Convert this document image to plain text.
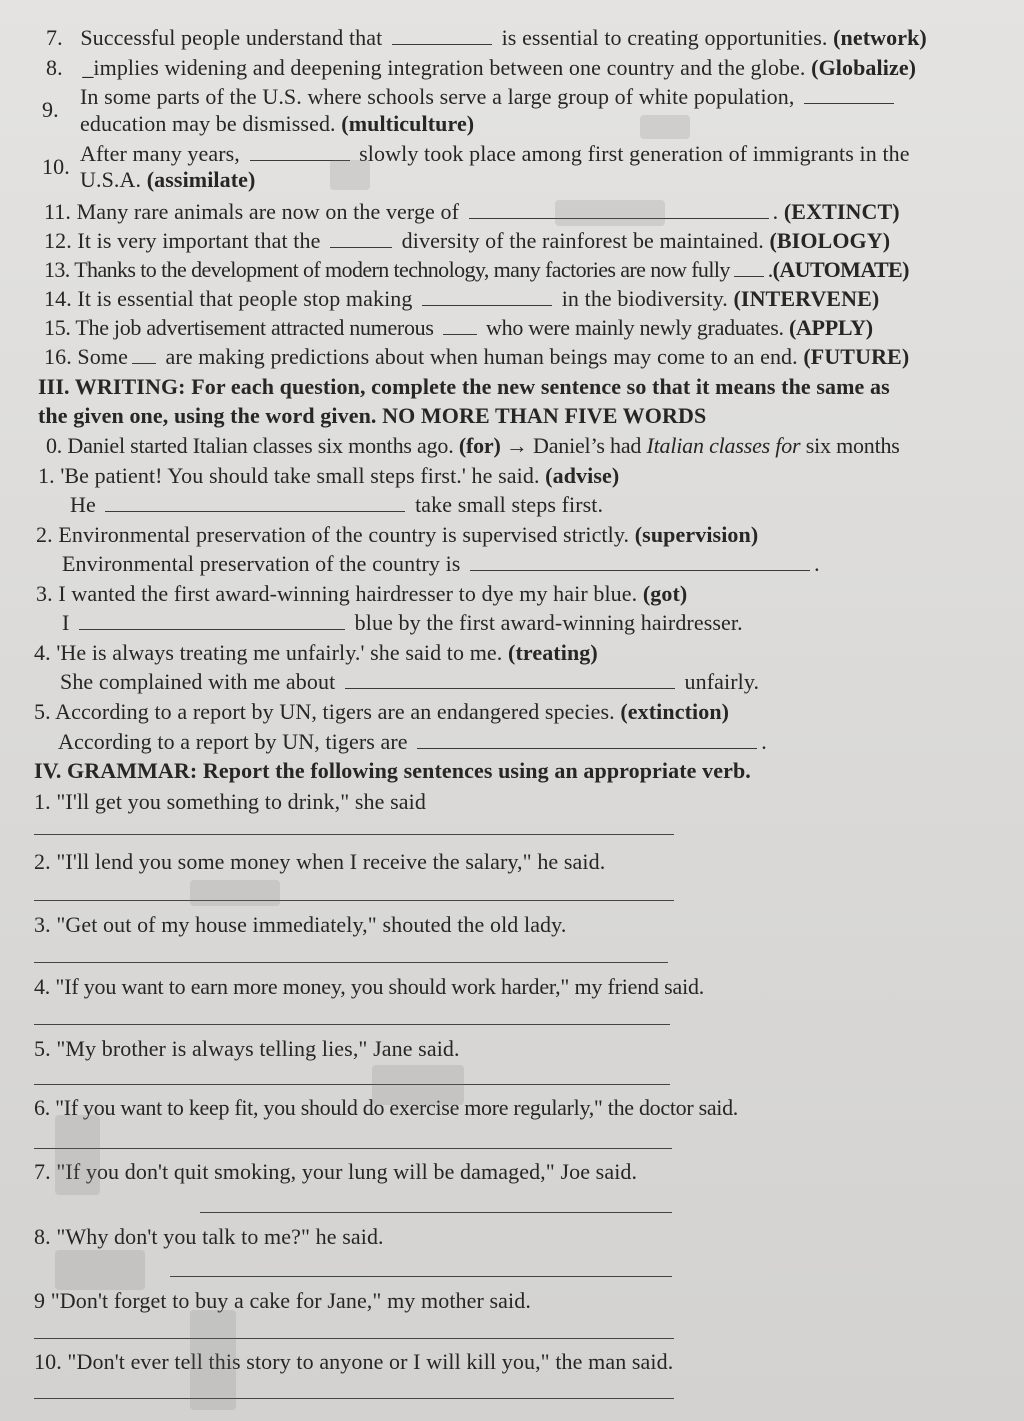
7. Successful people understand that	is essential to creating opportunities. (network)
8. _implies widening and deepening integration between one country and the globe. (Globalize)
In some parts of the U.S. where schools serve a large group of white population,
9.
education may be dismissed. (multiculture)
After many years,	slowly took place among first generation of immigrants in the
10.
U.S.A. (assimilate)
11. Many rare animals are now on the verge of	. (EXTINCT)
12. It is very important that the	diversity of the rainforest be maintained. (BIOLOGY)
13. Thanks to the development of modern technology, many factories are now fully .(AUTOMATE)
14. It is essential that people stop making	in the biodiversity. (INTERVENE)
15. The job advertisement attracted numerous who were mainly newly graduates. (APPLY)
16. Some are making predictions about when human beings may come to an end. (FUTURE)
III. WRITING: For each question, complete the new sentence so that it means the same as
the given one, using the word given. NO MORE THAN FIVE WORDS
0. Daniel started Italian classes six months ago. (for) → Daniel’s had Italian classes for six months
1. 'Be patient! You should take small steps first.' he said. (advise)
He	take small steps first.
2. Environmental preservation of the country is supervised strictly. (supervision)
Environmental preservation of the country is	.
3. I wanted the first award-winning hairdresser to dye my hair blue. (got)
I	blue by the first award-winning hairdresser.
4. 'He is always treating me unfairly.' she said to me. (treating)
She complained with me about	unfairly.
5. According to a report by UN, tigers are an endangered species. (extinction)
According to a report by UN, tigers are	.
IV. GRAMMAR: Report the following sentences using an appropriate verb.
1. "I'll get you something to drink," she said
2. "I'll lend you some money when I receive the salary," he said.
3. "Get out of my house immediately," shouted the old lady.
4. "If you want to earn more money, you should work harder," my friend said.
5. "My brother is always telling lies," Jane said.
6. "If you want to keep fit, you should do exercise more regularly," the doctor said.
7. "If you don't quit smoking, your lung will be damaged," Joe said.
8. "Why don't you talk to me?" he said.
9 "Don't forget to buy a cake for Jane," my mother said.
10. "Don't ever tell this story to anyone or I will kill you," the man said.
